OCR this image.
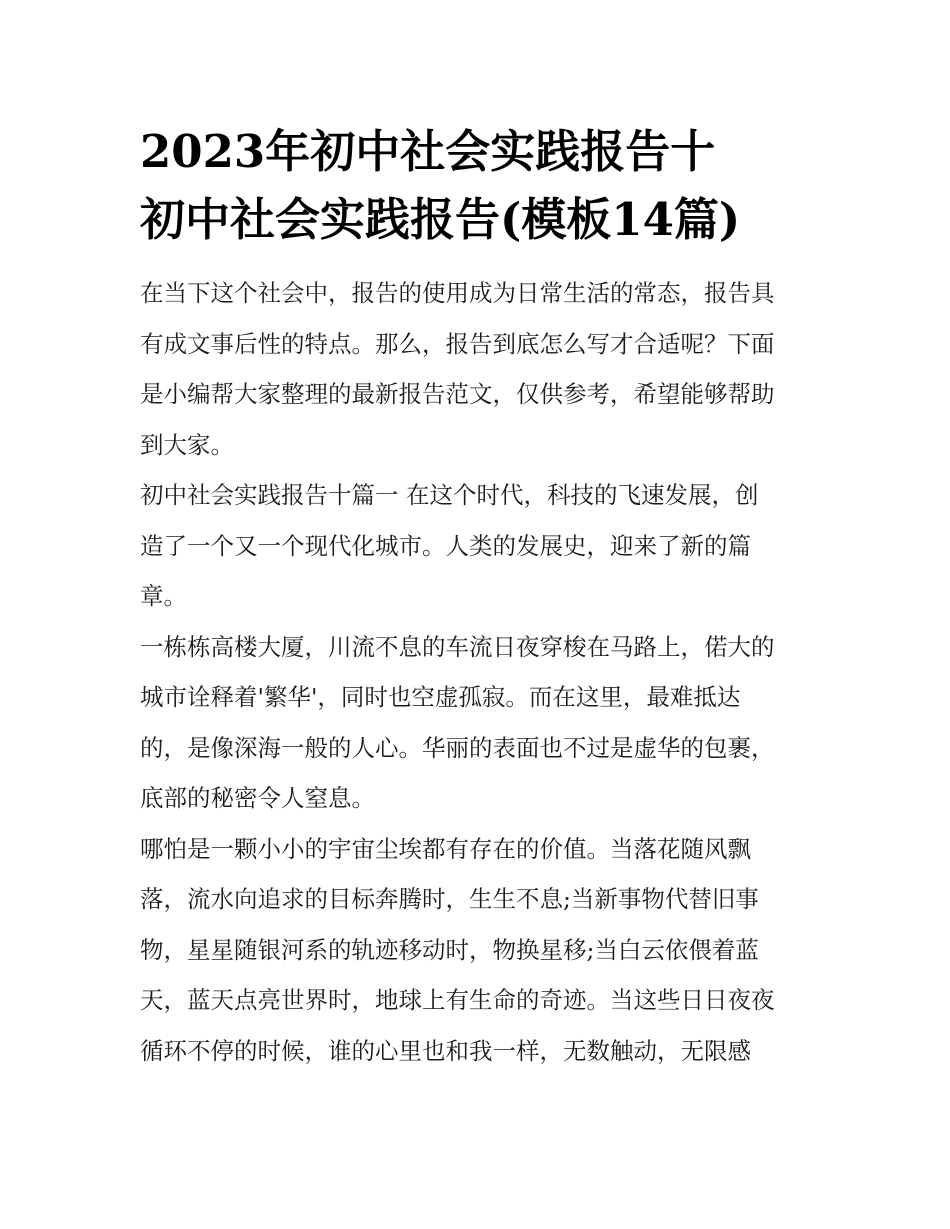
2023年初中社会实践报告十
初中社会实践报告(模板14篇)

在当下这个社会中，报告的使用成为日常生活的常态，报告具

有成文事后性的特点。那么，报告到底怎么写才合适呢？下面

是小编帮大家整理的最新报告范文，仅供参考，希望能够帮助

到大家。

初中社会实践报告十篇一 在这个时代，科技的飞速发展，创

造了一个又一个现代化城市。人类的发展史，迎来了新的篇

章。

一栋栋高楼大厦，川流不息的车流日夜穿梭在马路上，偌大的

城市诠释着'繁华'，同时也空虚孤寂。而在这里，最难抵达

的，是像深海一般的人心。华丽的表面也不过是虚华的包裹，

底部的秘密令人窒息。

哪怕是一颗小小的宇宙尘埃都有存在的价值。当落花随风飘

落，流水向追求的目标奔腾时，生生不息;当新事物代替旧事

物，星星随银河系的轨迹移动时，物换星移;当白云依偎着蓝

天，蓝天点亮世界时，地球上有生命的奇迹。当这些日日夜夜

循环不停的时候，谁的心里也和我一样，无数触动，无限感
